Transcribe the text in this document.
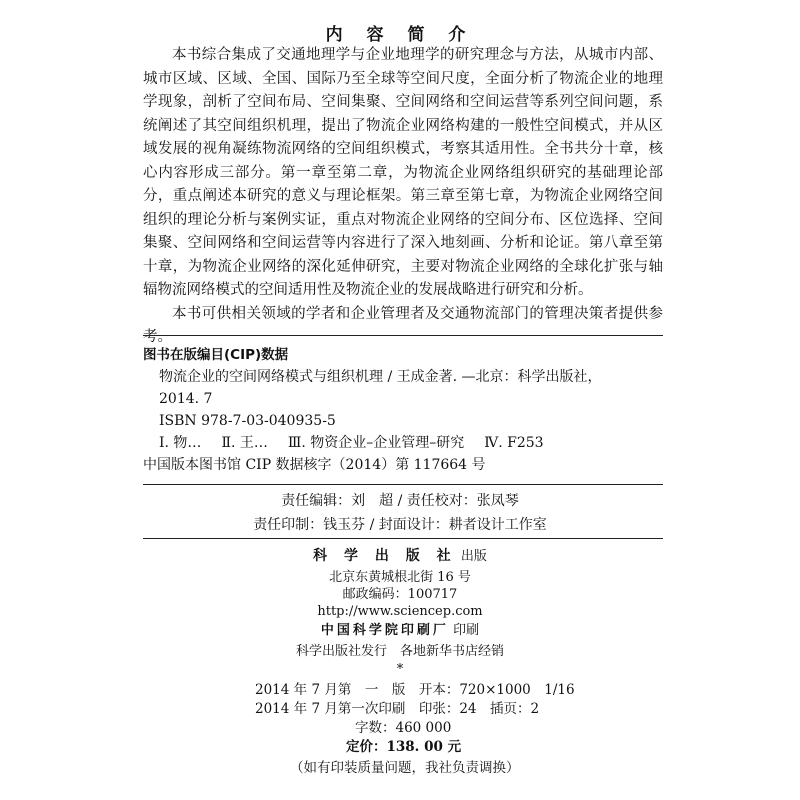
内 容 简 介

本书综合集成了交通地理学与企业地理学的研究理念与方法，从城市内部、城市区域、区域、全国、国际乃至全球等空间尺度，全面分析了物流企业的地理学现象，剖析了空间布局、空间集聚、空间网络和空间运营等系列空间问题，系统阐述了其空间组织机理，提出了物流企业网络构建的一般性空间模式，并从区域发展的视角凝练物流网络的空间组织模式，考察其适用性。全书共分十章，核心内容形成三部分。第一章至第二章，为物流企业网络组织研究的基础理论部分，重点阐述本研究的意义与理论框架。第三章至第七章，为物流企业网络空间组织的理论分析与案例实证，重点对物流企业网络的空间分布、区位选择、空间集聚、空间网络和空间运营等内容进行了深入地刻画、分析和论证。第八章至第十章，为物流企业网络的深化延伸研究，主要对物流企业网络的全球化扩张与轴辐物流网络模式的空间适用性及物流企业的发展战略进行研究和分析。

本书可供相关领域的学者和企业管理者及交通物流部门的管理决策者提供参考。

图书在版编目(CIP)数据

物流企业的空间网络模式与组织机理 / 王成金著. —北京：科学出版社，

2014. 7

ISBN 978-7-03-040935-5

Ⅰ. 物… Ⅱ. 王… Ⅲ. 物资企业–企业管理–研究 Ⅳ. F253

中国版本图书馆 CIP 数据核字（2014）第 117664 号

责任编辑：刘　超 / 责任校对：张凤琴
责任印制：钱玉芬 / 封面设计：耕者设计工作室
科 学 出 版 社 出版
北京东黄城根北街 16 号
邮政编码：100717
http://www.sciencep.com
中国科学院印刷厂 印刷
科学出版社发行　各地新华书店经销
*
2014 年 7 月第　一　版　开本：720×1000　1/16
2014 年 7 月第一次印刷　印张：24　插页：2
字数：460 000
定价：138. 00 元
（如有印装质量问题，我社负责调换）
